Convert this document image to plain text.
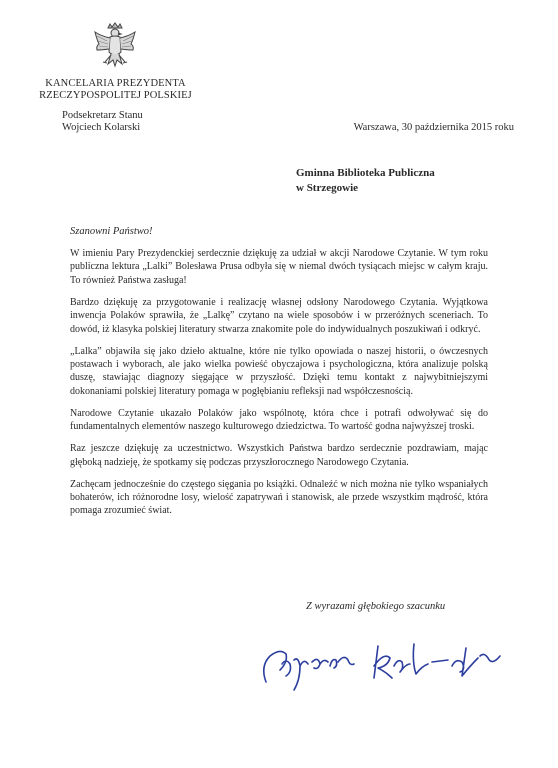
KANCELARIA PREZYDENTA
RZECZYPOSPOLITEJ POLSKIEJ
Podsekretarz Stanu
Wojciech Kolarski	Warszawa, 30 października 2015 roku
Gminna Biblioteka Publiczna
w Strzegowie
Szanowni Państwo!

W imieniu Pary Prezydenckiej serdecznie dziękuję za udział w akcji Narodowe Czytanie. W tym roku publiczna lektura „Lalki” Bolesława Prusa odbyła się w niemal dwóch tysiącach miejsc w całym kraju. To również Państwa zasługa!

Bardzo dziękuję za przygotowanie i realizację własnej odsłony Narodowego Czytania. Wyjątkowa inwencja Polaków sprawiła, że „Lalkę” czytano na wiele sposobów i w przeróżnych sceneriach. To dowód, iż klasyka polskiej literatury stwarza znakomite pole do indywidualnych poszukiwań i odkryć.

„Lalka” objawiła się jako dzieło aktualne, które nie tylko opowiada o naszej historii, o ówczesnych postawach i wyborach, ale jako wielka powieść obyczajowa i psychologiczna, która analizuje polską duszę, stawiając diagnozy sięgające w przyszłość. Dzięki temu kontakt z najwybitniejszymi dokonaniami polskiej literatury pomaga w pogłębianiu refleksji nad współczesnością.

Narodowe Czytanie ukazało Polaków jako wspólnotę, która chce i potrafi odwoływać się do fundamentalnych elementów naszego kulturowego dziedzictwa. To wartość godna najwyższej troski.

Raz jeszcze dziękuję za uczestnictwo. Wszystkich Państwa bardzo serdecznie pozdrawiam, mając głęboką nadzieję, że spotkamy się podczas przyszłorocznego Narodowego Czytania.

Zachęcam jednocześnie do częstego sięgania po książki. Odnaleźć w nich można nie tylko wspaniałych bohaterów, ich różnorodne losy, wielość zapatrywań i stanowisk, ale przede wszystkim mądrość, która pomaga zrozumieć świat.

Z wyrazami głębokiego szacunku
